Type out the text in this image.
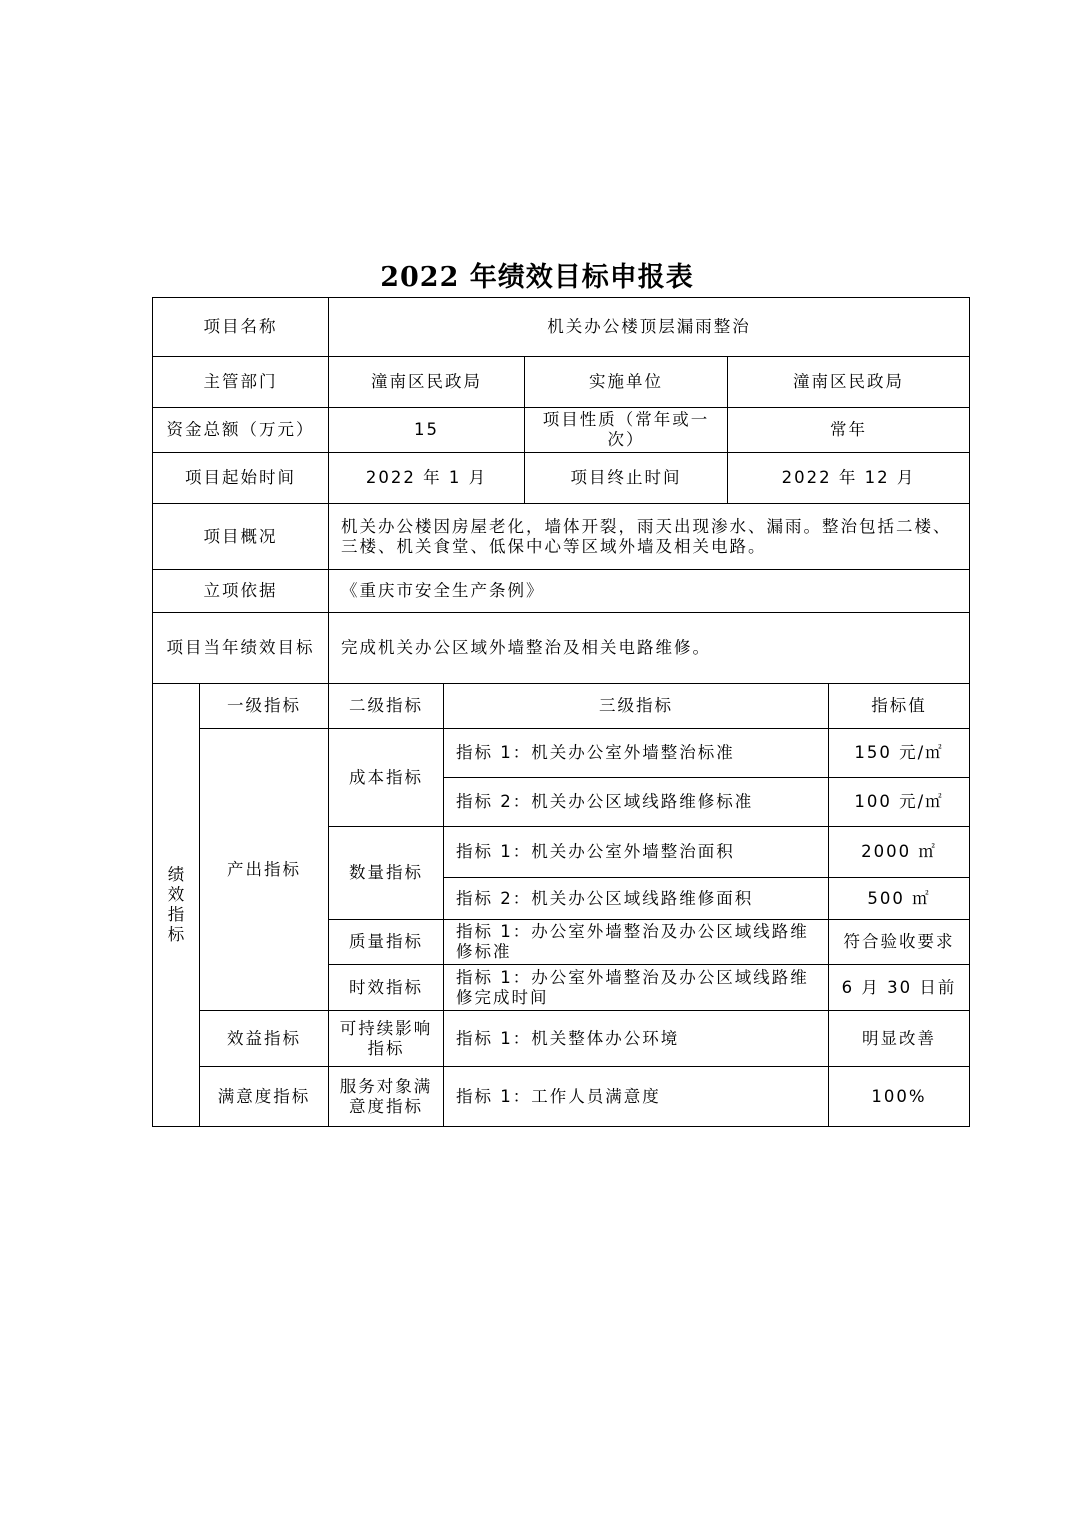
2022 年绩效目标申报表
项目名称		机关办公楼顶层漏雨整治				
主管部门		潼南区民政局		实施单位	潼南区民政局	
资金总额（万元）		15		项目性质（常年或一次）	常年	
项目起始时间		2022 年 1 月		项目终止时间	2022 年 12 月	
项目概况		机关办公楼因房屋老化，墙体开裂，雨天出现渗水、漏雨。整治包括二楼、三楼、机关食堂、低保中心等区域外墙及相关电路。				
立项依据		《重庆市安全生产条例》				
项目当年绩效目标		完成机关办公区域外墙整治及相关电路维修。				

绩
效
指
标	一级指标	二级指标	三级指标			指标值
	产出指标	成本指标	指标 1：机关办公室外墙整治标准			150 元/㎡
			指标 2：机关办公区域线路维修标准			100 元/㎡
		数量指标	指标 1：机关办公室外墙整治面积			2000 ㎡
			指标 2：机关办公区域线路维修面积			500 ㎡
		质量指标	指标 1：办公室外墙整治及办公区域线路维修标准			符合验收要求
		时效指标	指标 1：办公室外墙整治及办公区域线路维修完成时间			6 月 30 日前
	效益指标	可持续影响指标	指标 1：机关整体办公环境			明显改善
	满意度指标	服务对象满意度指标	指标 1：工作人员满意度			100%
